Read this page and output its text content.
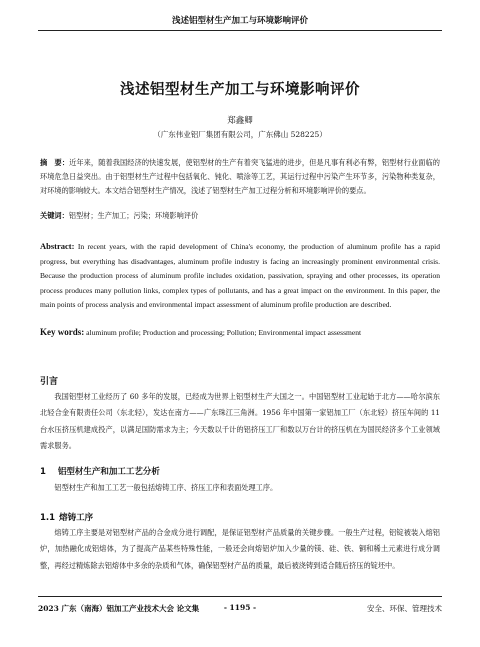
浅述铝型材生产加工与环境影响评价
浅述铝型材生产加工与环境影响评价
郑鑫卿
（广东伟业铝厂集团有限公司，广东佛山 528225）
摘　要：近年来，随着我国经济的快速发展，使铝型材的生产有着突飞猛进的进步，但是凡事有利必有弊，铝型材行业面临的环境危急日益突出。由于铝型材生产过程中包括氧化、钝化、喷涂等工艺，其运行过程中污染产生环节多，污染物种类复杂，对环境的影响较大。本文结合铝型材生产情况，浅述了铝型材生产加工过程分析和环境影响评价的要点。
关键词：铝型材；生产加工；污染；环境影响评价
Abstract: In recent years, with the rapid development of China's economy, the production of aluminum profile has a rapid progress, but everything has disadvantages, aluminum profile industry is facing an increasingly prominent environmental crisis. Because the production process of aluminum profile includes oxidation, passivation, spraying and other processes, its operation process produces many pollution links, complex types of pollutants, and has a great impact on the environment. In this paper, the main points of process analysis and environmental impact assessment of aluminum profile production are described.
Key words: aluminum profile; Production and processing; Pollution; Environmental impact assessment
引言
我国铝型材工业经历了 60 多年的发展，已经成为世界上铝型材生产大国之一。中国铝型材工业起始于北方——哈尔滨东北轻合金有限责任公司（东北轻），发达在南方——广东珠江三角洲。1956 年中国第一家铝加工厂（东北轻）挤压车间的 11 台水压挤压机建成投产，以满足国防需求为主；今天数以千计的铝挤压工厂和数以万台计的挤压机在为国民经济多个工业领域需求服务。
1 铝型材生产和加工工艺分析
铝型材生产和加工工艺一般包括熔铸工序、挤压工序和表面处理工序。
1.1 熔铸工序
熔铸工序主要是对铝型材产品的合金成分进行调配，是保证铝型材产品质量的关键步骤。一般生产过程，铝锭被装入熔铝炉，加热融化成铝熔体，为了提高产品某些特殊性能，一般还会向熔铝炉加入少量的镁、硅、铁、铜和稀土元素进行成分调整，再经过精炼除去铝熔体中多余的杂质和气体，确保铝型材产品的质量，最后被浇铸到适合随后挤压的锭坯中。
2023 广东（南海）铝加工产业技术大会 论文集	- 1195 -	安全、环保、管理技术
